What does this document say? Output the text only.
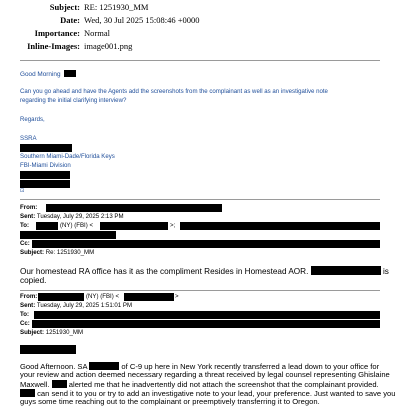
Subject: RE: 1251930_MM
Date: Wed, 30 Jul 2025 15:08:46 +0000
Importance: Normal
Inline-Images: image001.png
Good Morning
Can you go ahead and have the Agents add the screenshots from the complainant as well as an investigative note
regarding the initial clarifying interview?
Regards,
SSRA
Southern Miami-Dade/Florida Keys
FBI-Miami Division
⊡
From:
Sent: Tuesday, July 29, 2025 2:13 PM
To:	(NY) (FBI) <	>;
Cc:
Subject: Re: 1251930_MM
Our homestead RA office has it as the compliment Resides in Homestead AOR.	is
copied.
From:	(NY) (FBI) <	>
Sent: Tuesday, July 29, 2025 1:51:01 PM
To:
Cc:
Subject: 1251930_MM
Good Afternoon. SA	of C-9 up here in New York recently transferred a lead down to your office for
your review and action deemed necessary regarding a threat received by legal counsel representing Ghislaine
Maxwell.	alerted me that he inadvertently did not attach the screenshot that the complainant provided.
can send it to you or try to add an investigative note to your lead, your preference. Just wanted to save you
guys some time reaching out to the complainant or preemptively transferring it to Oregon.
